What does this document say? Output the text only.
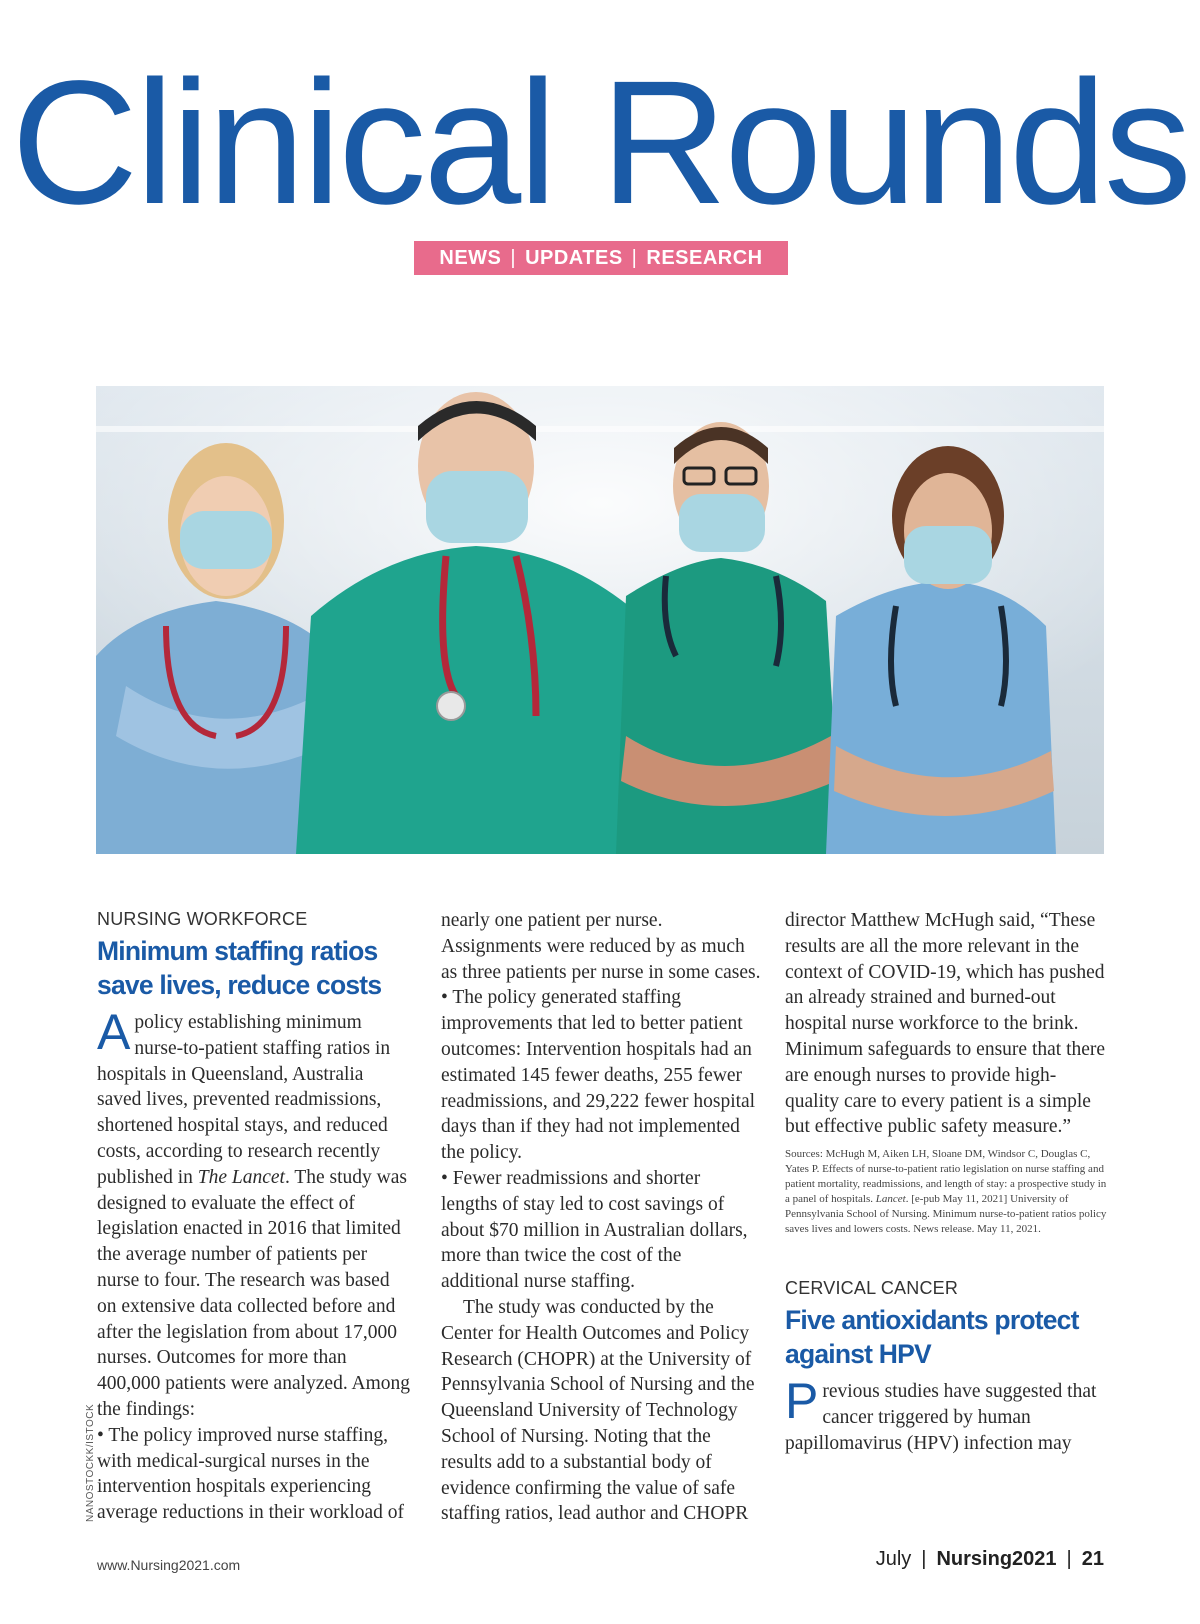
Clinical Rounds
NEWS | UPDATES | RESEARCH
NANOSTOCKK/ISTOCK
NURSING WORKFORCE
Minimum staffing ratios save lives, reduce costs

A policy establishing minimum nurse-to-patient staffing ratios in hospitals in Queensland, Australia saved lives, prevented readmissions, shortened hospital stays, and reduced costs, according to research recently published in The Lancet. The study was designed to evaluate the effect of legislation enacted in 2016 that limited the average number of patients per nurse to four. The research was based on extensive data collected before and after the legislation from about 17,000 nurses. Outcomes for more than 400,000 patients were analyzed. Among the findings:

• The policy improved nurse staffing, with medical-surgical nurses in the intervention hospitals experiencing average reductions in their workload of

www.Nursing2021.com	July | Nursing2021 | 21

nearly one patient per nurse. Assignments were reduced by as much as three patients per nurse in some cases.

• The policy generated staffing improvements that led to better patient outcomes: Intervention hospitals had an estimated 145 fewer deaths, 255 fewer readmissions, and 29,222 fewer hospital days than if they had not implemented the policy.

• Fewer readmissions and shorter lengths of stay led to cost savings of about $70 million in Australian dollars, more than twice the cost of the additional nurse staffing.

The study was conducted by the Center for Health Outcomes and Policy Research (CHOPR) at the University of Pennsylvania School of Nursing and the Queensland University of Technology School of Nursing. Noting that the results add to a substantial body of evidence confirming the value of safe staffing ratios, lead author and CHOPR

director Matthew McHugh said, “These results are all the more relevant in the context of COVID-19, which has pushed an already strained and burned-out hospital nurse workforce to the brink. Minimum safeguards to ensure that there are enough nurses to provide high-quality care to every patient is a simple but effective public safety measure.”

Sources: McHugh M, Aiken LH, Sloane DM, Windsor C, Douglas C, Yates P. Effects of nurse-to-patient ratio legislation on nurse staffing and patient mortality, readmissions, and length of stay: a prospective study in a panel of hospitals. Lancet. [e-pub May 11, 2021] University of Pennsylvania School of Nursing. Minimum nurse-to-patient ratios policy saves lives and lowers costs. News release. May 11, 2021.

CERVICAL CANCER
Five antioxidants protect against HPV

Previous studies have suggested that cancer triggered by human papillomavirus (HPV) infection may
